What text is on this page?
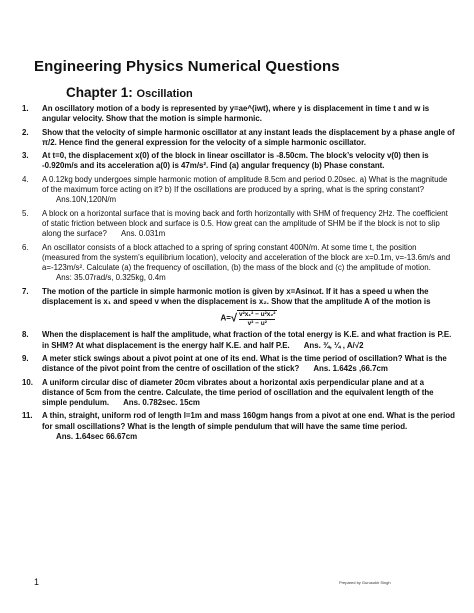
Engineering Physics Numerical Questions
Chapter 1: Oscillation
1.	An oscillatory motion of a body is represented by y=ae^(iwt), where y is displacement in time t and w is angular velocity. Show that the motion is simple harmonic.
2.	Show that the velocity of simple harmonic oscillator at any instant leads the displacement by a phase angle of π/2. Hence find the general expression for the velocity of a simple harmonic oscillator.
3.	At t=0, the displacement x(0) of the block in linear oscillator is -8.50cm. The block’s velocity v(0) then is -0.920m/s and its acceleration a(0) is 47m/s². Find (a) angular frequency (b) Phase constant.
4.	A 0.12kg body undergoes simple harmonic motion of amplitude 8.5cm and period 0.20sec. a) What is the magnitude of the maximum force acting on it? b) If the oscillations are produced by a spring, what is the spring constant?Ans.10N,120N/m
5.	A block on a horizontal surface that is moving back and forth horizontally with SHM of frequency 2Hz. The coefficient of static friction between block and surface is 0.5. How great can the amplitude of SHM be if the block is not to slip along the surface? Ans. 0.031m
6.	An oscillator consists of a block attached to a spring of spring constant 400N/m. At some time t, the position (measured from the system’s equilibrium location), velocity and acceleration of the block are x=0.1m, v=-13.6m/s and a=-123m/s². Calculate (a) the frequency of oscillation, (b) the mass of the block and (c) the amplitude of motion.Ans: 35.07rad/s, 0.325kg, 0.4m
7.	The motion of the particle in simple harmonic motion is given by x=Asinωt. If it has a speed u when the displacement is x₁ and speed v when the displacement is x₂. Show that the amplitude A of the motion is
$A=√ \frac{\text{v²x₁² − u²x₂²}}{\text{v² − u²}}$
8.	When the displacement is half the amplitude, what fraction of the total energy is K.E. and what fraction is P.E. in SHM? At what displacement is the energy half K.E. and half P.E. Ans. ¾, ¼ , A/√2
9.	A meter stick swings about a pivot point at one of its end. What is the time period of oscillation? What is the distance of the pivot point from the centre of oscillation of the stick? Ans. 1.642s ,66.7cm
10.	A uniform circular disc of diameter 20cm vibrates about a horizontal axis perpendicular plane and at a distance of 5cm from the centre. Calculate, the time period of oscillation and the equivalent length of the simple pendulum. Ans. 0.782sec. 15cm
11.	A thin, straight, uniform rod of length l=1m and mass 160gm hangs from a pivot at one end. What is the period for small oscillations? What is the length of simple pendulum that will have the same time period.Ans. 1.64sec 66.67cm
1	Prepared by Gurusukh Singh
